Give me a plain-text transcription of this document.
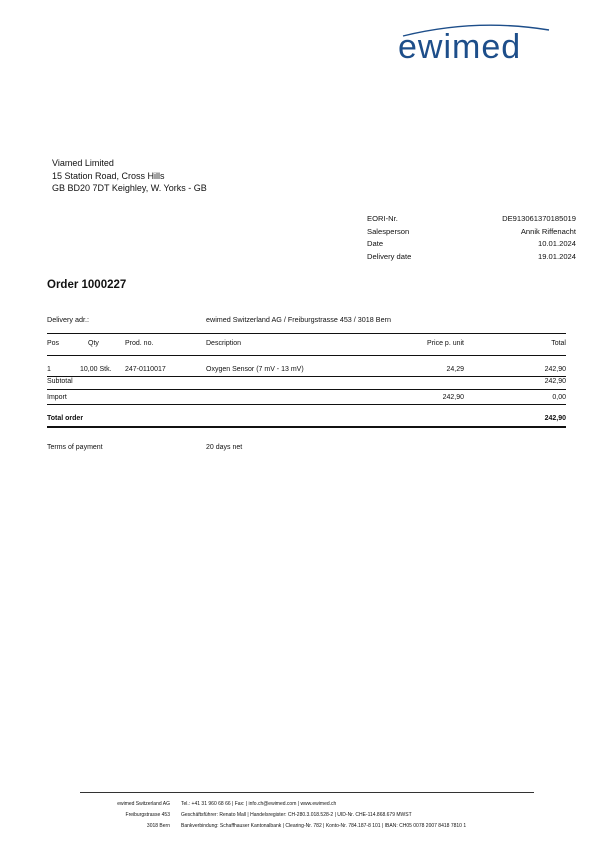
ewimed
Viamed Limited
15 Station Road, Cross Hills
GB BD20 7DT Keighley, W. Yorks - GB
EORI-Nr.	DE913061370185019
Salesperson	Annik Riffenacht
Date	10.01.2024
Delivery date	19.01.2024
Order 1000227
Delivery adr.:	ewimed Switzerland AG / Freiburgstrasse 453 / 3018 Bern
Pos	Qty	Prod. no.	Description	Price p. unit	Total
1	10,00 Stk. 247-0110017	Oxygen Sensor (7 mV - 13 mV)	24,29	242,90
Subtotal	242,90
Import	242,90	0,00
Total order	242,90
Terms of payment	20 days net
ewimed Switzerland AG
Freiburgstrasse 453
3018 Bern
Tel.: +41 31 960 68 66 | Fax: | info.ch@ewimed.com | www.ewimed.ch
Geschäftsführer: Renato Mall | Handelsregister: CH-280.3.018.528-2 | UID-Nr. CHE-114.868.679 MWST
Bankverbindung: Schaffhauser Kantonalbank | Clearing-Nr. 782 | Konto-Nr. 784.187-8 101 | IBAN: CH05 0078 2007 8418 7810 1
